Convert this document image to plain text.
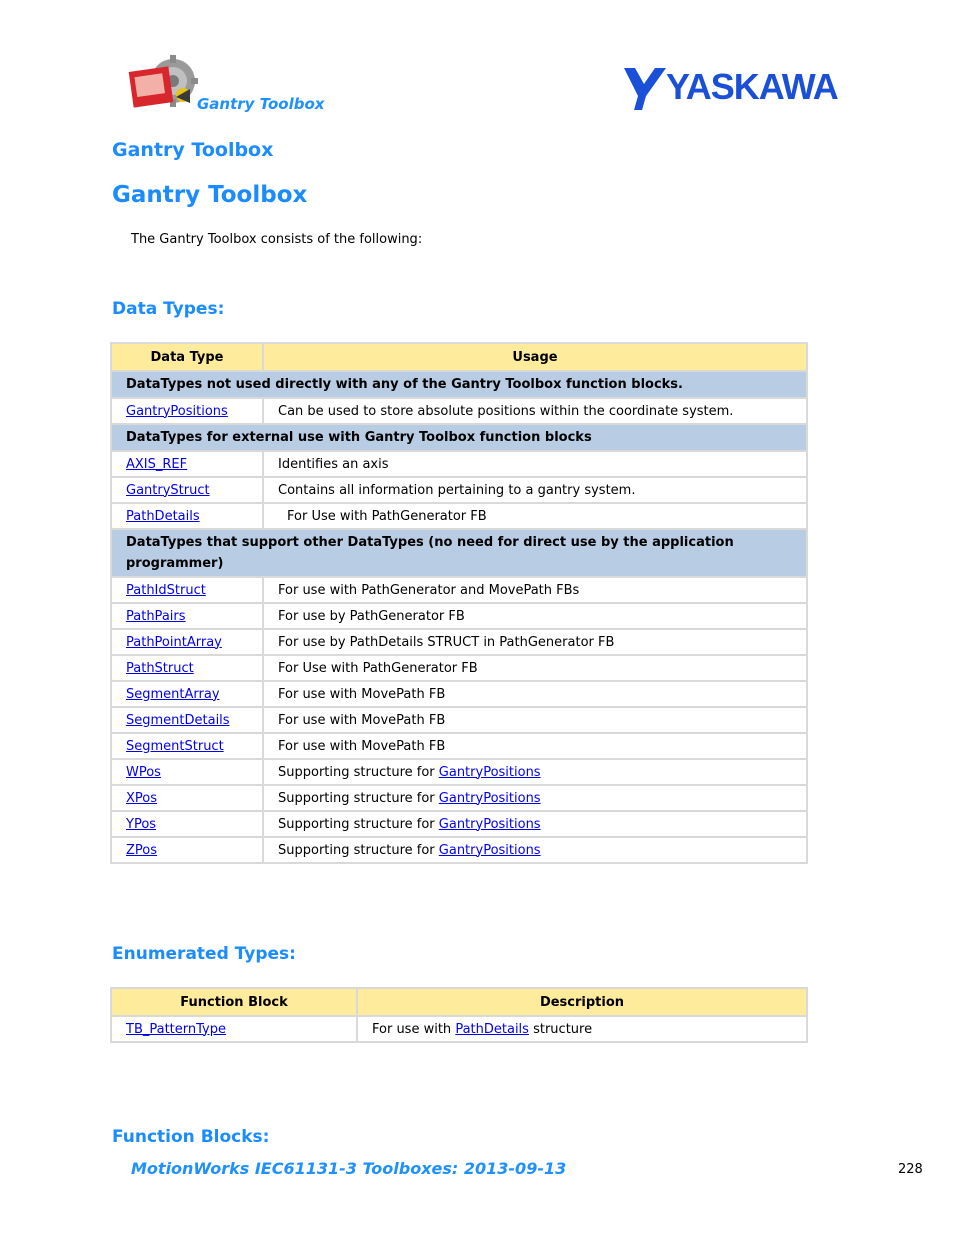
Gantry Toolbox	YASKAWA
Gantry Toolbox
Gantry Toolbox
The Gantry Toolbox consists of the following:
Data Types:
Data Type	Usage
DataTypes not used directly with any of the Gantry Toolbox function blocks.	
GantryPositions	Can be used to store absolute positions within the coordinate system.
DataTypes for external use with Gantry Toolbox function blocks	
AXIS_REF	Identifies an axis
GantryStruct	Contains all information pertaining to a gantry system.
PathDetails	For Use with PathGenerator FB
DataTypes that support other DataTypes (no need for direct use by the application programmer)	
PathIdStruct	For use with PathGenerator and MovePath FBs
PathPairs	For use by PathGenerator FB
PathPointArray	For use by PathDetails STRUCT in PathGenerator FB
PathStruct	For Use with PathGenerator FB
SegmentArray	For use with MovePath FB
SegmentDetails	For use with MovePath FB
SegmentStruct	For use with MovePath FB
WPos	Supporting structure for GantryPositions
XPos	Supporting structure for GantryPositions
YPos	Supporting structure for GantryPositions
ZPos	Supporting structure for GantryPositions
Enumerated Types:
Function Block	Description
TB_PatternType	For use with PathDetails structure
Function Blocks:
MotionWorks IEC61131-3 Toolboxes: 2013-09-13	228
